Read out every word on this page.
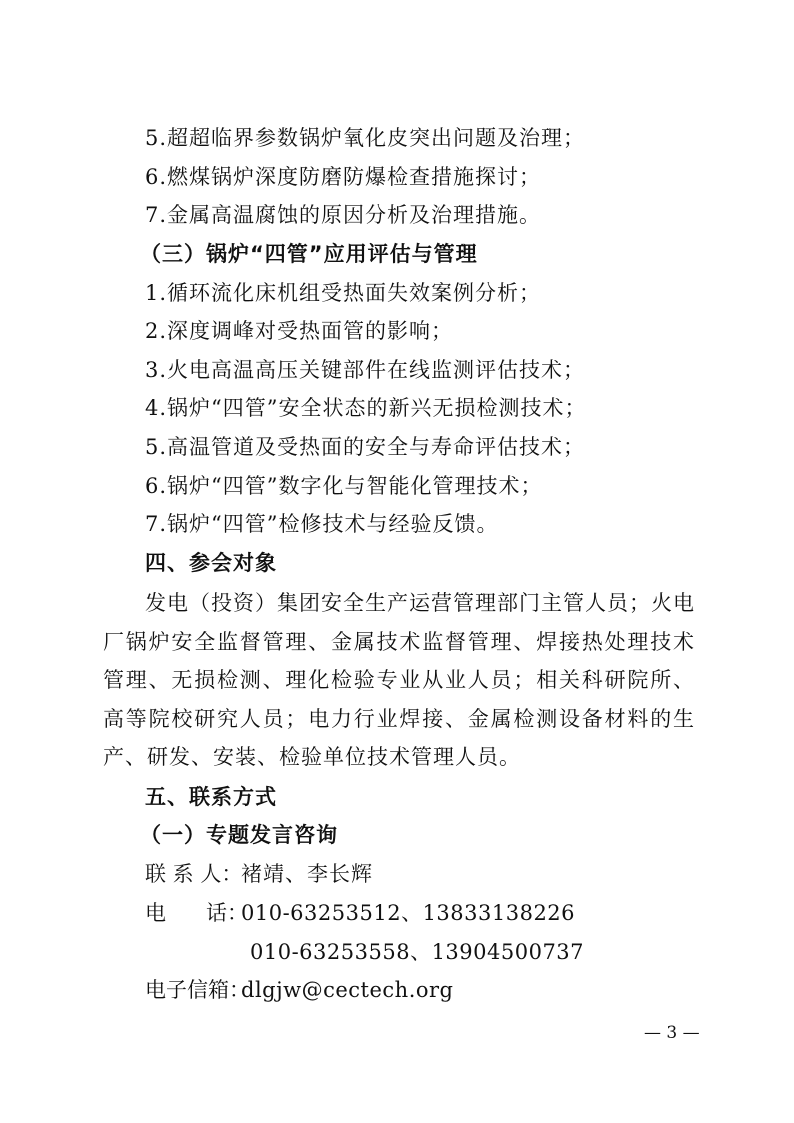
5.超超临界参数锅炉氧化皮突出问题及治理；
6.燃煤锅炉深度防磨防爆检查措施探讨；
7.金属高温腐蚀的原因分析及治理措施。
（三）锅炉“四管”应用评估与管理
1.循环流化床机组受热面失效案例分析；
2.深度调峰对受热面管的影响；
3.火电高温高压关键部件在线监测评估技术；
4.锅炉“四管”安全状态的新兴无损检测技术；
5.高温管道及受热面的安全与寿命评估技术；
6.锅炉“四管”数字化与智能化管理技术；
7.锅炉“四管”检修技术与经验反馈。
四、参会对象
发电（投资）集团安全生产运营管理部门主管人员；火电厂锅炉安全监督管理、金属技术监督管理、焊接热处理技术管理、无损检测、理化检验专业从业人员；相关科研院所、高等院校研究人员；电力行业焊接、金属检测设备材料的生产、研发、安装、检验单位技术管理人员。
五、联系方式
（一）专题发言咨询
联 系 人：褚靖、李长辉
电      话：010-63253512、13833138226
010-63253558、13904500737
电子信箱：dlgjw@cectech.org
— 3 —
